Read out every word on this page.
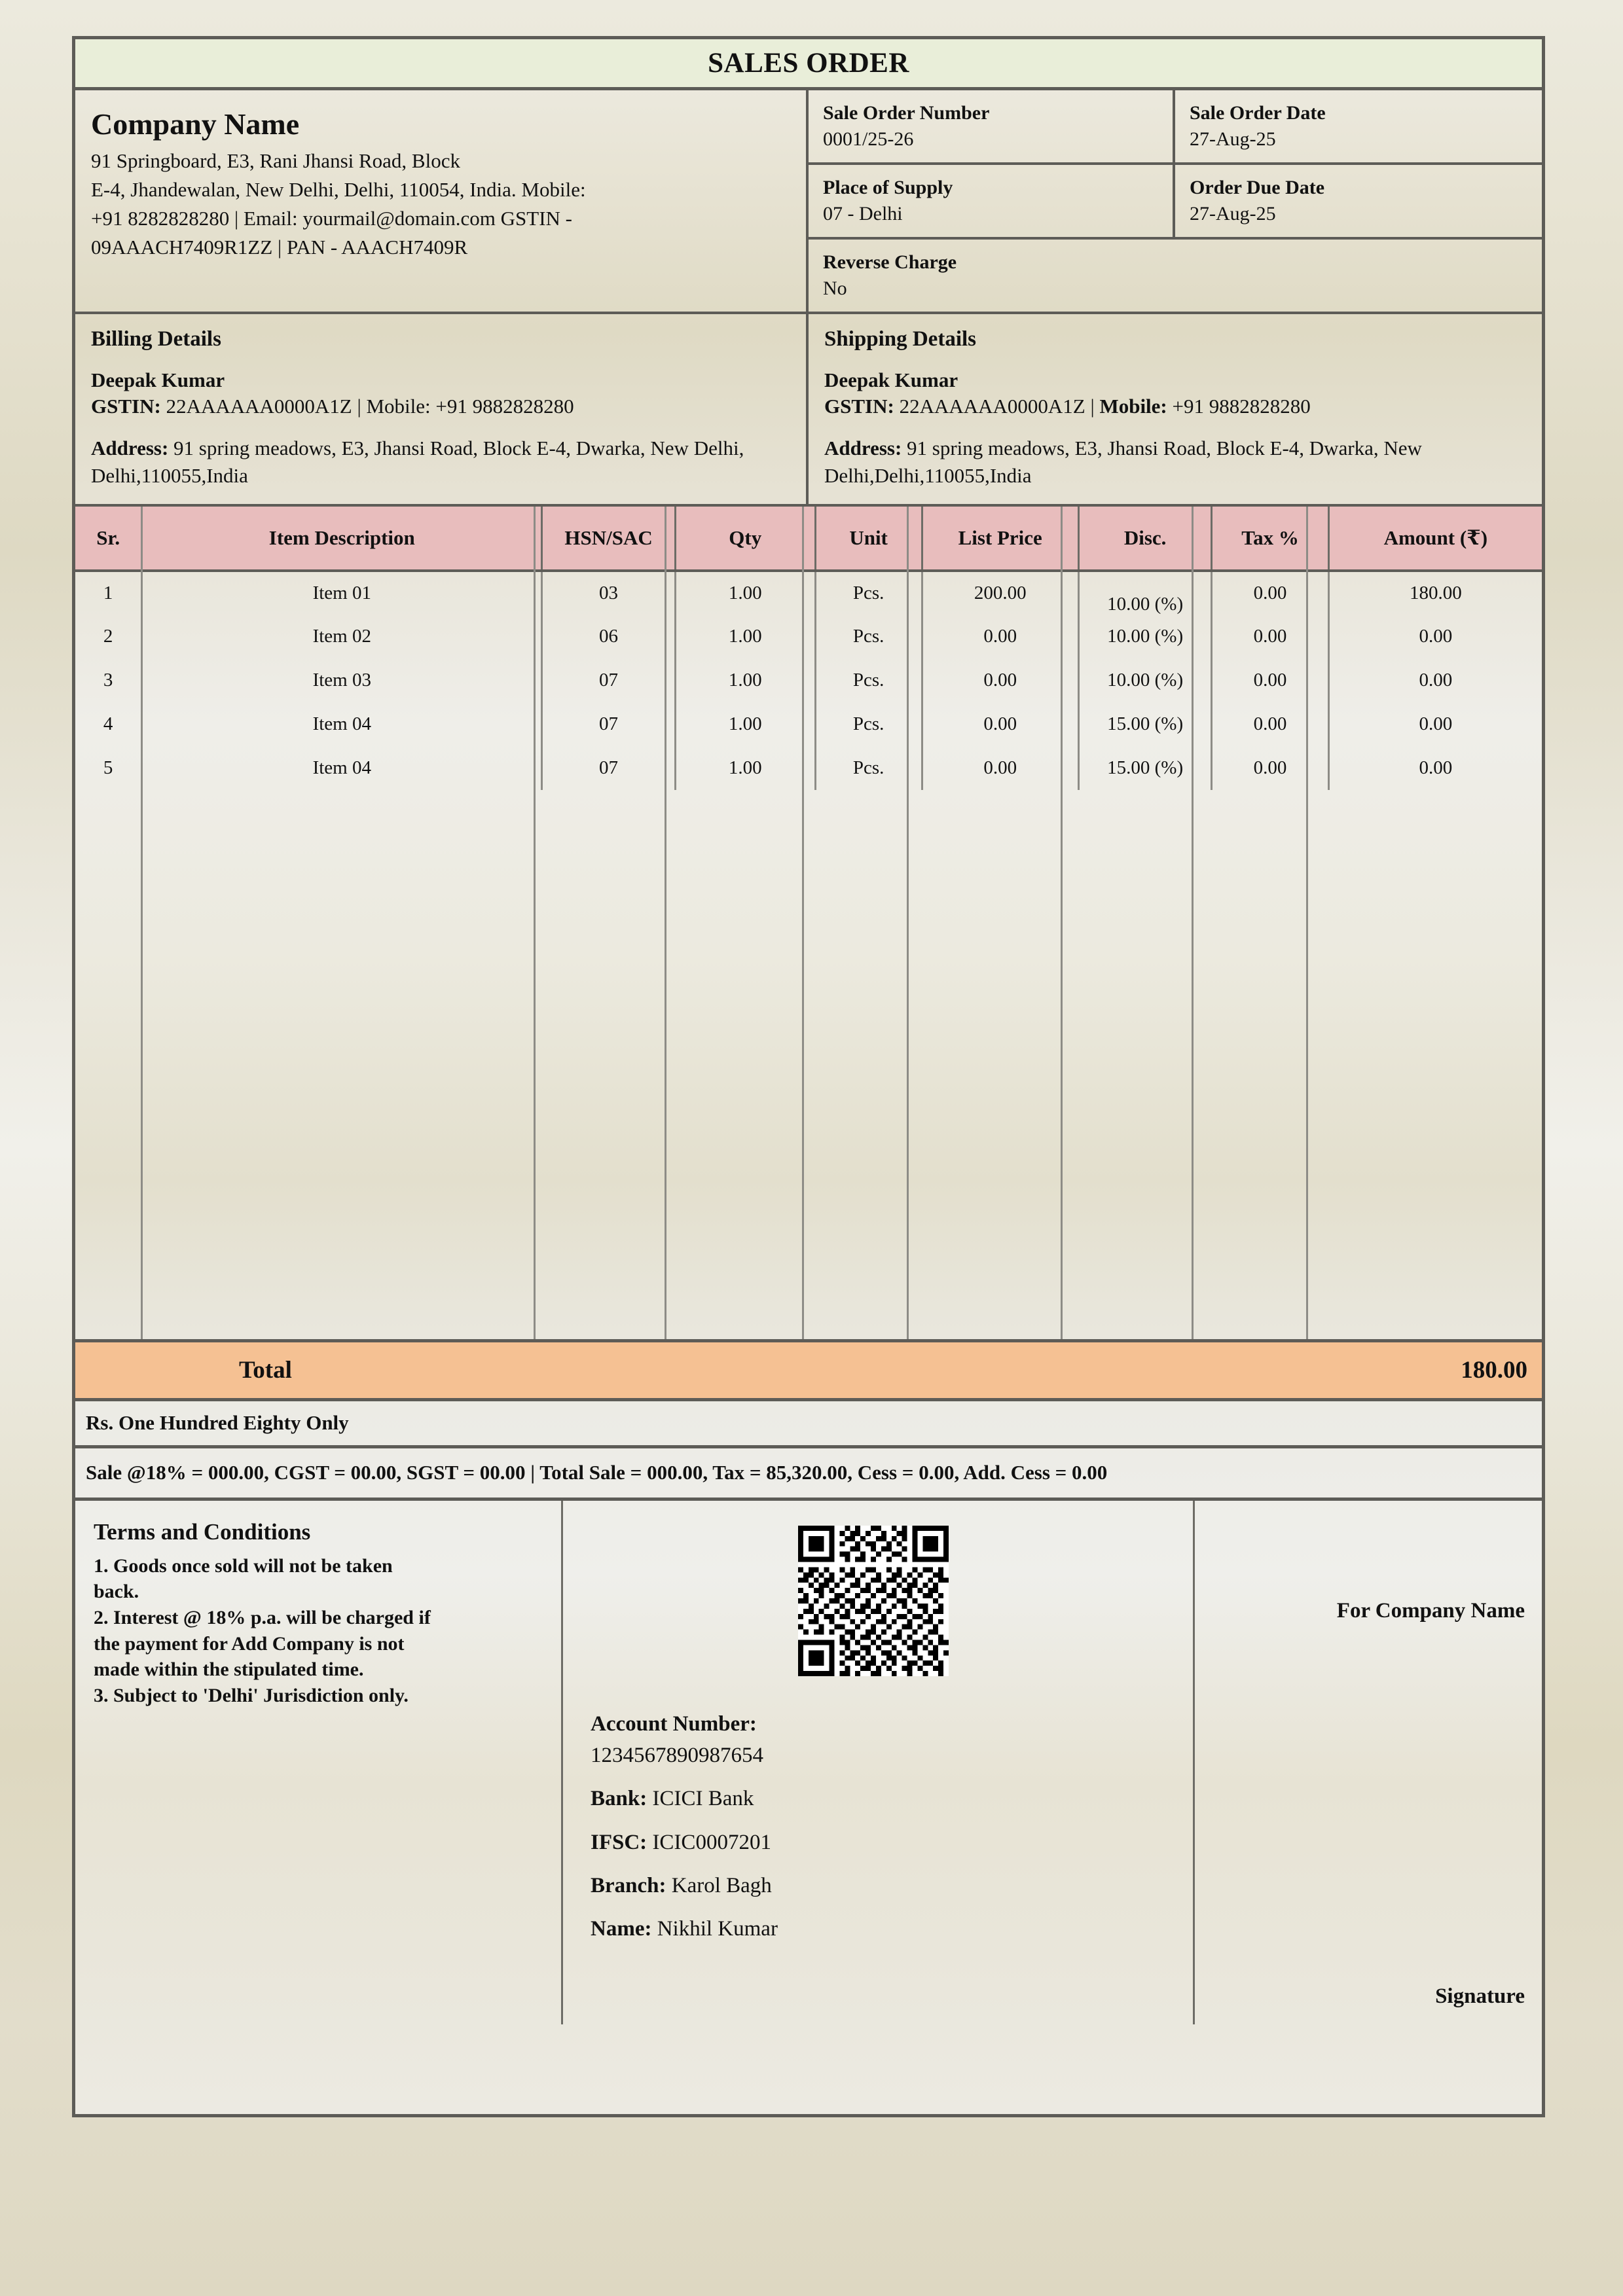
SALES ORDER
Company Name
91 Springboard, E3, Rani Jhansi Road, Block
E-4, Jhandewalan, New Delhi, Delhi, 110054, India. Mobile:
+91 8282828280 | Email: yourmail@domain.com GSTIN -
09AAACH7409R1ZZ | PAN - AAACH7409R
Sale Order Number
0001/25-26
Sale Order Date
27-Aug-25
Place of Supply
07 - Delhi
Order Due Date
27-Aug-25
Reverse Charge
No
Billing Details
Deepak Kumar
GSTIN: 22AAAAAA0000A1Z | Mobile: +91 9882828280
Address: 91 spring meadows, E3, Jhansi Road, Block E-4, Dwarka, New Delhi, Delhi,110055,India
Shipping Details
Deepak Kumar
GSTIN: 22AAAAAA0000A1Z | Mobile: +91 9882828280
Address: 91 spring meadows, E3, Jhansi Road, Block E-4, Dwarka, New Delhi,Delhi,110055,India
Sr.	Item Description	HSN/SAC	Qty	Unit	List Price	Disc.	Tax %	Amount (₹)
1	Item 01	03	1.00	Pcs.	200.00	10.00 (%)	0.00	180.00
2	Item 02	06	1.00	Pcs.	0.00	10.00 (%)	0.00	0.00
3	Item 03	07	1.00	Pcs.	0.00	10.00 (%)	0.00	0.00
4	Item 04	07	1.00	Pcs.	0.00	15.00 (%)	0.00	0.00
5	Item 04	07	1.00	Pcs.	0.00	15.00 (%)	0.00	0.00
Total	180.00
Rs. One Hundred Eighty Only
Sale @18% = 000.00, CGST = 00.00, SGST = 00.00 | Total Sale = 000.00, Tax = 85,320.00, Cess = 0.00, Add. Cess = 0.00
Terms and Conditions
1. Goods once sold will not be taken
back.
2. Interest @ 18% p.a. will be charged if
the payment for Add Company is not
made within the stipulated time.
3. Subject to 'Delhi' Jurisdiction only.
Account Number:
1234567890987654
Bank: ICICI Bank
IFSC: ICIC0007201
Branch: Karol Bagh
Name: Nikhil Kumar
For Company Name
Signature
